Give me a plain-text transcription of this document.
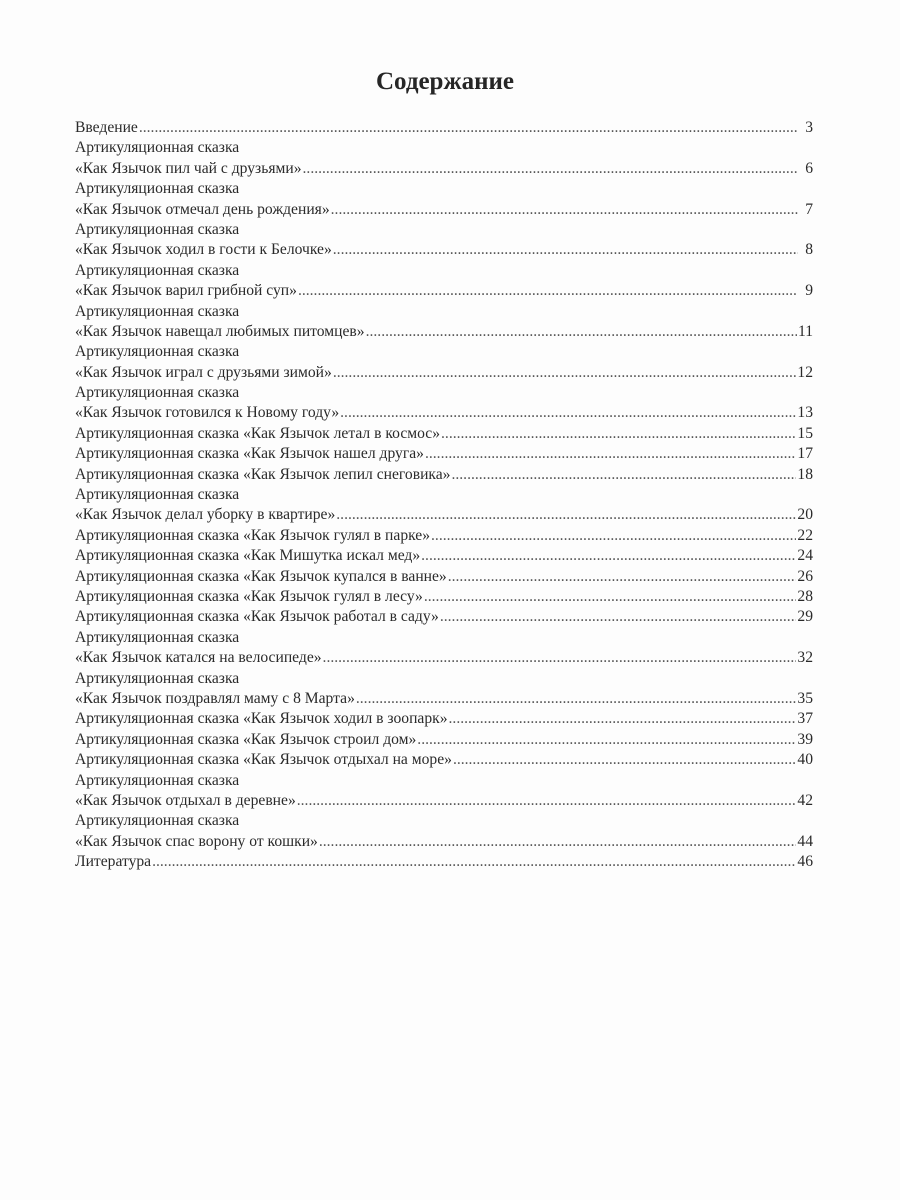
Содержание
Введение .....	3
Артикуляционная сказка
«Как Язычок пил чай с друзьями» .....	6
Артикуляционная сказка
«Как Язычок отмечал день рождения» .....	7
Артикуляционная сказка
«Как Язычок ходил в гости к Белочке» .....	8
Артикуляционная сказка
«Как Язычок варил грибной суп» .....	9
Артикуляционная сказка
«Как Язычок навещал любимых питомцев» .....	11
Артикуляционная сказка
«Как Язычок играл с друзьями зимой» .....	12
Артикуляционная сказка
«Как Язычок готовился к Новому году» .....	13
Артикуляционная сказка «Как Язычок летал в космос» .....	15
Артикуляционная сказка «Как Язычок нашел друга» .....	17
Артикуляционная сказка «Как Язычок лепил снеговика» .....	18
Артикуляционная сказка
«Как Язычок делал уборку в квартире» .....	20
Артикуляционная сказка «Как Язычок гулял в парке» .....	22
Артикуляционная сказка «Как Мишутка искал мед» .....	24
Артикуляционная сказка «Как Язычок купался в ванне» .....	26
Артикуляционная сказка «Как Язычок гулял в лесу» .....	28
Артикуляционная сказка «Как Язычок работал в саду» .....	29
Артикуляционная сказка
«Как Язычок катался на велосипеде» .....	32
Артикуляционная сказка
«Как Язычок поздравлял маму с 8 Марта» .....	35
Артикуляционная сказка «Как Язычок ходил в зоопарк» .....	37
Артикуляционная сказка «Как Язычок строил дом» .....	39
Артикуляционная сказка «Как Язычок отдыхал на море» .....	40
Артикуляционная сказка
«Как Язычок отдыхал в деревне» .....	42
Артикуляционная сказка
«Как Язычок спас ворону от кошки» .....	44
Литература .....	46
